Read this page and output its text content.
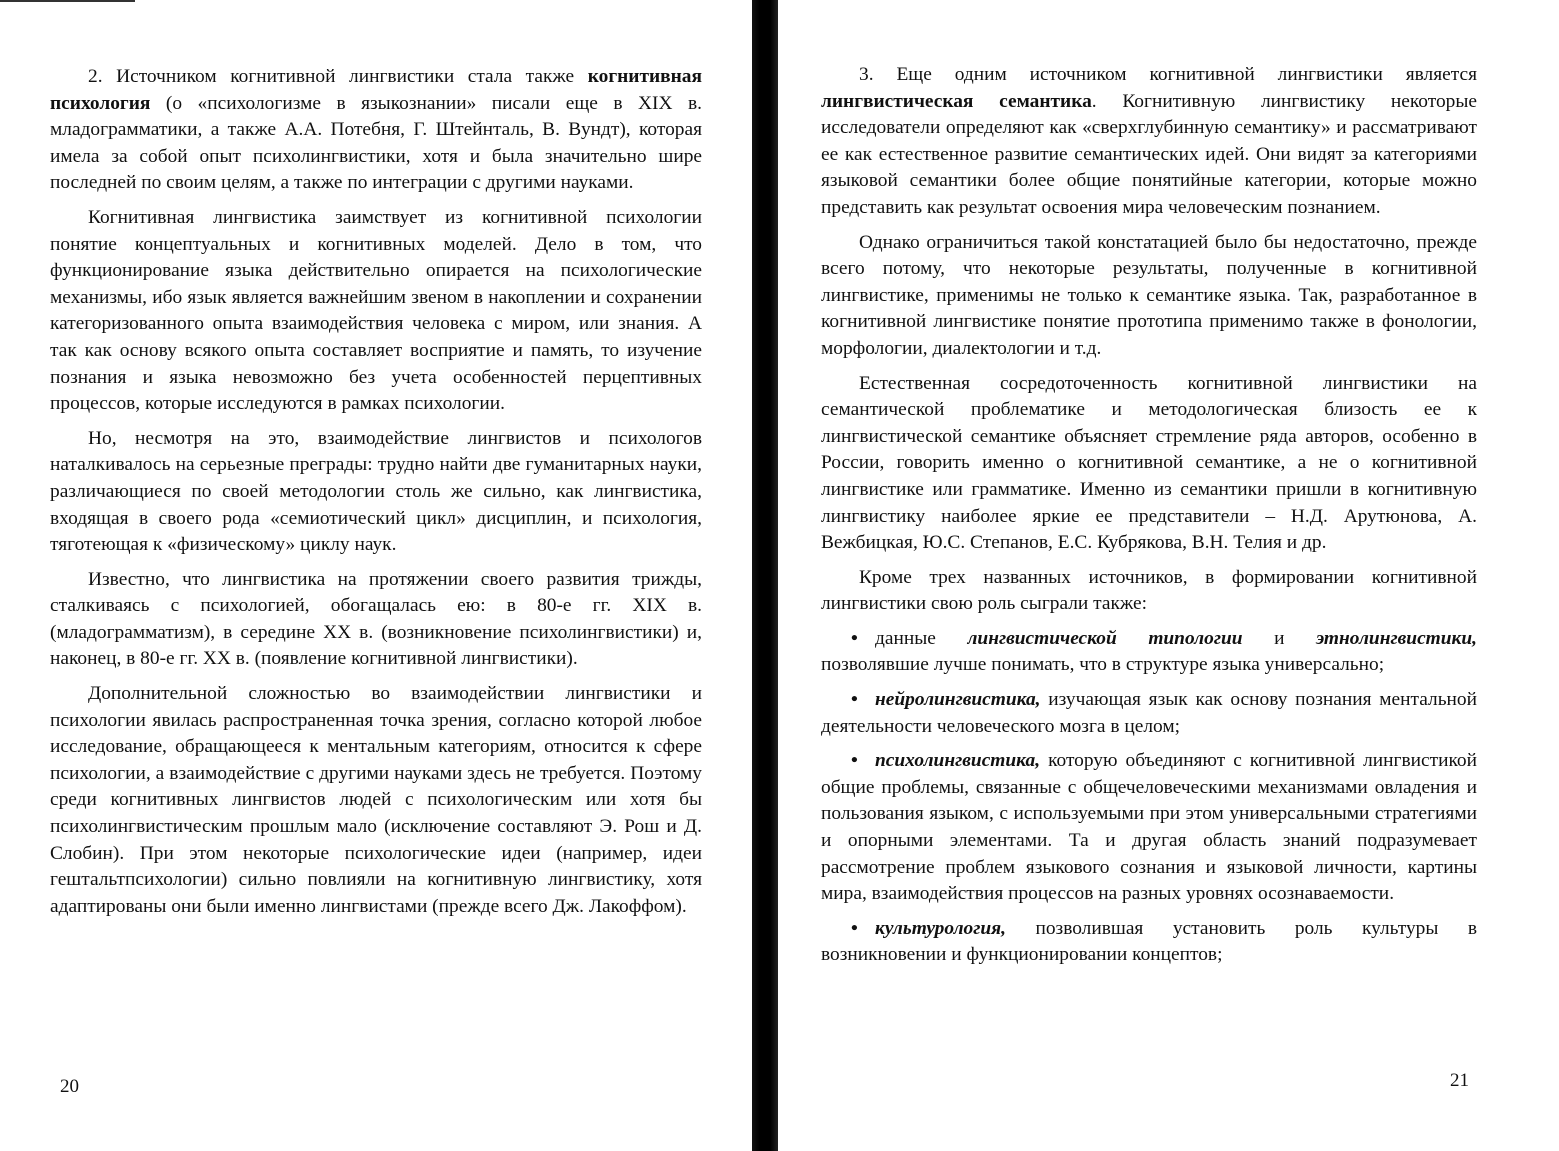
2. Источником когнитивной лингвистики стала также когнитивная психология (о «психологизме в языкознании» писали еще в XIX в. младограмматики, а также А.А. Потебня, Г. Штейнталь, В. Вундт), которая имела за собой опыт психолингвистики, хотя и была значительно шире последней по своим целям, а также по интеграции с другими науками.

Когнитивная лингвистика заимствует из когнитивной психологии понятие концептуальных и когнитивных моделей. Дело в том, что функционирование языка действительно опирается на психологические механизмы, ибо язык является важнейшим звеном в накоплении и сохранении категоризованного опыта взаимодействия человека с миром, или знания. А так как основу всякого опыта составляет восприятие и память, то изучение познания и языка невозможно без учета особенностей перцептивных процессов, которые исследуются в рамках психологии.

Но, несмотря на это, взаимодействие лингвистов и психологов наталкивалось на серьезные преграды: трудно найти две гуманитарных науки, различающиеся по своей методологии столь же сильно, как лингвистика, входящая в своего рода «семиотический цикл» дисциплин, и психология, тяготеющая к «физическому» циклу наук.

Известно, что лингвистика на протяжении своего развития трижды, сталкиваясь с психологией, обогащалась ею: в 80-е гг. XIX в. (младограмматизм), в середине XX в. (возникновение психолингвистики) и, наконец, в 80-е гг. XX в. (появление когнитивной лингвистики).

Дополнительной сложностью во взаимодействии лингвистики и психологии явилась распространенная точка зрения, согласно которой любое исследование, обращающееся к ментальным категориям, относится к сфере психологии, а взаимодействие с другими науками здесь не требуется. Поэтому среди когнитивных лингвистов людей с психологическим или хотя бы психолингвистическим прошлым мало (исключение составляют Э. Рош и Д. Слобин). При этом некоторые психологические идеи (например, идеи гештальтпсихологии) сильно повлияли на когнитивную лингвистику, хотя адаптированы они были именно лингвистами (прежде всего Дж. Лакоффом).

20

3. Еще одним источником когнитивной лингвистики является лингвистическая семантика. Когнитивную лингвистику некоторые исследователи определяют как «сверхглубинную семантику» и рассматривают ее как естественное развитие семантических идей. Они видят за категориями языковой семантики более общие понятийные категории, которые можно представить как результат освоения мира человеческим познанием.

Однако ограничиться такой констатацией было бы недостаточно, прежде всего потому, что некоторые результаты, полученные в когнитивной лингвистике, применимы не только к семантике языка. Так, разработанное в когнитивной лингвистике понятие прототипа применимо также в фонологии, морфологии, диалектологии и т.д.

Естественная сосредоточенность когнитивной лингвистики на семантической проблематике и методологическая близость ее к лингвистической семантике объясняет стремление ряда авторов, особенно в России, говорить именно о когнитивной семантике, а не о когнитивной лингвистике или грамматике. Именно из семантики пришли в когнитивную лингвистику наиболее яркие ее представители – Н.Д. Арутюнова, А. Вежбицкая, Ю.С. Степанов, Е.С. Кубрякова, В.Н. Телия и др.

Кроме трех названных источников, в формировании когнитивной лингвистики свою роль сыграли также:

• данные лингвистической типологии и этнолингвистики, позволявшие лучше понимать, что в структуре языка универсально;

• нейролингвистика, изучающая язык как основу познания ментальной деятельности человеческого мозга в целом;

• психолингвистика, которую объединяют с когнитивной лингвистикой общие проблемы, связанные с общечеловеческими механизмами овладения и пользования языком, с используемыми при этом универсальными стратегиями и опорными элементами. Та и другая область знаний подразумевает рассмотрение проблем языкового сознания и языковой личности, картины мира, взаимодействия процессов на разных уровнях осознаваемости.

• культурология, позволившая установить роль культуры в возникновении и функционировании концептов;

21
